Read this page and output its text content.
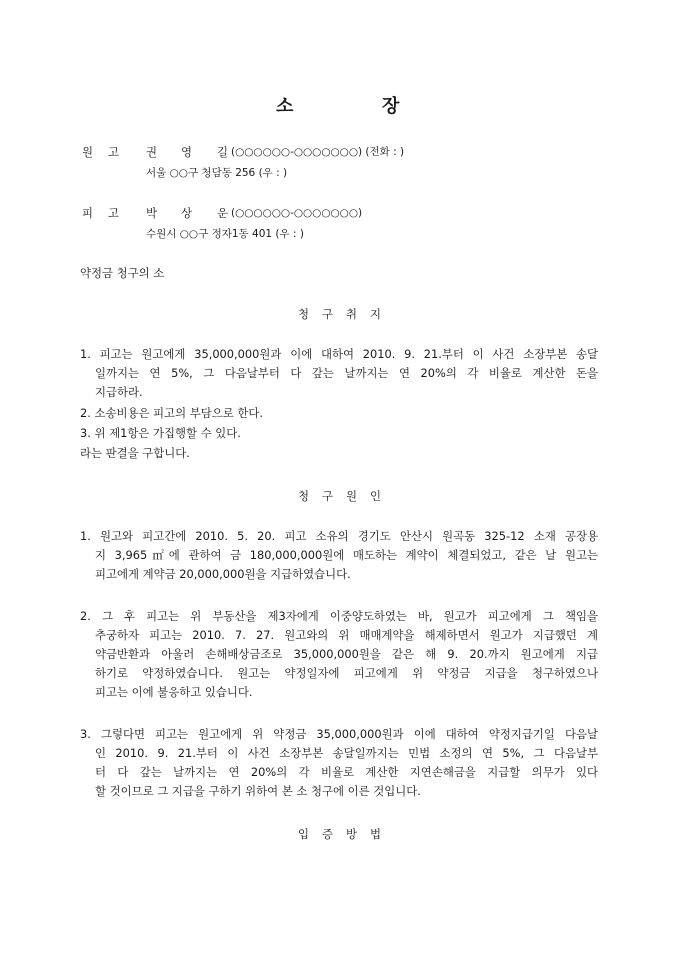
소	장
원 고 권 영 길 (○○○○○○-○○○○○○○) (전화 : )
서울 ○○구 청담동 256 (우 : )
피 고 박 상 운 (○○○○○○-○○○○○○○)
수원시 ○○구 정자1동 401 (우 : )
약정금 청구의 소
청 구 취 지
1. 피고는 원고에게 35,000,000원과 이에 대하여 2010. 9. 21.부터 이 사건 소장부본 송달
일까지는 연 5%, 그 다음날부터 다 갚는 날까지는 연 20%의 각 비율로 계산한 돈을
지급하라.
2. 소송비용은 피고의 부담으로 한다.
3. 위 제1항은 가집행할 수 있다.
라는 판결을 구합니다.
청 구 원 인
1. 원고와 피고간에 2010. 5. 20. 피고 소유의 경기도 안산시 원곡동 325-12 소재 공장용
지 3,965㎡에 관하여 금 180,000,000원에 매도하는 계약이 체결되었고, 같은 날 원고는
피고에게 계약금 20,000,000원을 지급하였습니다.
2. 그 후 피고는 위 부동산을 제3자에게 이중양도하였는 바, 원고가 피고에게 그 책임을
추궁하자 피고는 2010. 7. 27. 원고와의 위 매매계약을 해제하면서 원고가 지급했던 계
약금반환과 아울러 손해배상금조로 35,000,000원을 같은 해 9. 20.까지 원고에게 지급
하기로 약정하였습니다. 원고는 약정일자에 피고에게 위 약정금 지급을 청구하였으나
피고는 이에 불응하고 있습니다.
3. 그렇다면 피고는 원고에게 위 약정금 35,000,000원과 이에 대하여 약정지급기일 다음날
인 2010. 9. 21.부터 이 사건 소장부본 송달일까지는 민법 소정의 연 5%, 그 다음날부
터 다 갚는 날까지는 연 20%의 각 비율로 계산한 지연손해금을 지급할 의무가 있다
할 것이므로 그 지급을 구하기 위하여 본 소 청구에 이른 것입니다.
입 증 방 법
